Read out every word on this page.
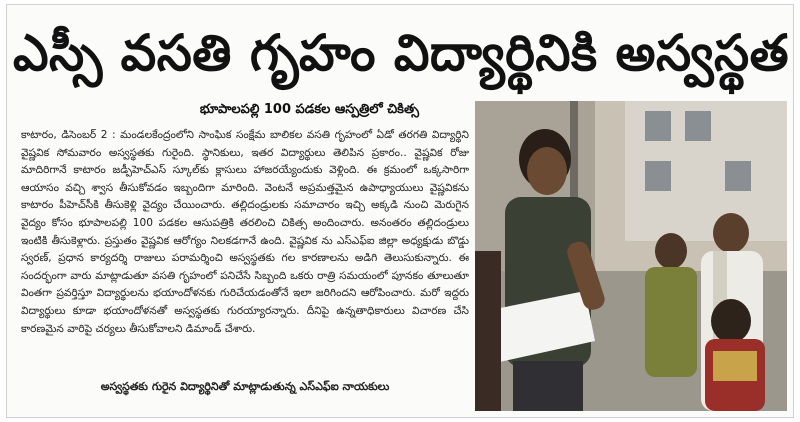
ఎస్సీ వసతి గృహం విద్యార్థినికి అస్వస్థత
భూపాలపల్లి 100 పడకల ఆస్పత్రిలో చికిత్స
కాటారం, డిసెంబర్ 2 : మండలకేంద్రంలోని సాంఘిక సంక్షేమ బాలికల వసతి గృహంలో ఏడో తరగతి విద్యార్థిని వైష్ణవిక సోమవారం అస్వస్థతకు గురైంది. స్థానికులు, ఇతర విద్యార్థులు తెలిపిన ప్రకారం.. వైష్ణవిక రోజు మాదిరిగానే కాటారం జడ్పీహెచ్‌ఎస్ స్కూల్‌కు క్లాసులు హాజరయ్యేందుకు వెళ్లింది. ఈ క్రమంలో ఒక్కసారిగా ఆయాసం వచ్చి శ్వాస తీసుకోవడం ఇబ్బందిగా మారింది. వెంటనే అప్రమత్తమైన ఉపాధ్యాయులు వైష్ణవికను కాటారం పీహెచ్‌సీకి తీసుకెళ్లి వైద్యం చేయించారు. తల్లిదండ్రులకు సమాచారం ఇచ్చి అక్కడి నుంచి మెరుగైన వైద్యం కోసం భూపాలపల్లి 100 పడకల ఆసుపత్రికి తరలించి చికిత్స అందించారు. అనంతరం తల్లిదండ్రులు ఇంటికి తీసుకెళ్లారు. ప్రస్తుతం వైష్ణవిక ఆరోగ్యం నిలకడగానే ఉంది. వైష్ణవిక ను ఎస్ఎఫ్ఐ జిల్లా అధ్యక్షుడు బొడ్డు స్వరణ్, ప్రధాన కార్యదర్శి రాజులు పరామర్శించి అస్వస్థతకు గల కారణాలను అడిగి తెలుసుకున్నారు. ఈ సందర్భంగా వారు మాట్లాడుతూ వసతి గృహంలో పనిచేసే సిబ్బంది ఒకరు రాత్రి సమయంలో పూనకం తూలుతూ వింతగా ప్రవర్తిస్తూ విద్యార్థులను భయాందోళనకు గురిచేయడంతోనే ఇలా జరిగిందని ఆరోపించారు. మరో ఇద్దరు విద్యార్థులు కూడా భయాందోళనతో అస్వస్థతకు గురయ్యారన్నారు. దీనిపై ఉన్నతాధికారులు విచారణ చేసి కారణమైన వారిపై చర్యలు తీసుకోవాలని డిమాండ్ చేశారు.
అస్వస్థతకు గురైన విద్యార్థినితో మాట్లాడుతున్న ఎస్ఎఫ్ఐ నాయకులు
